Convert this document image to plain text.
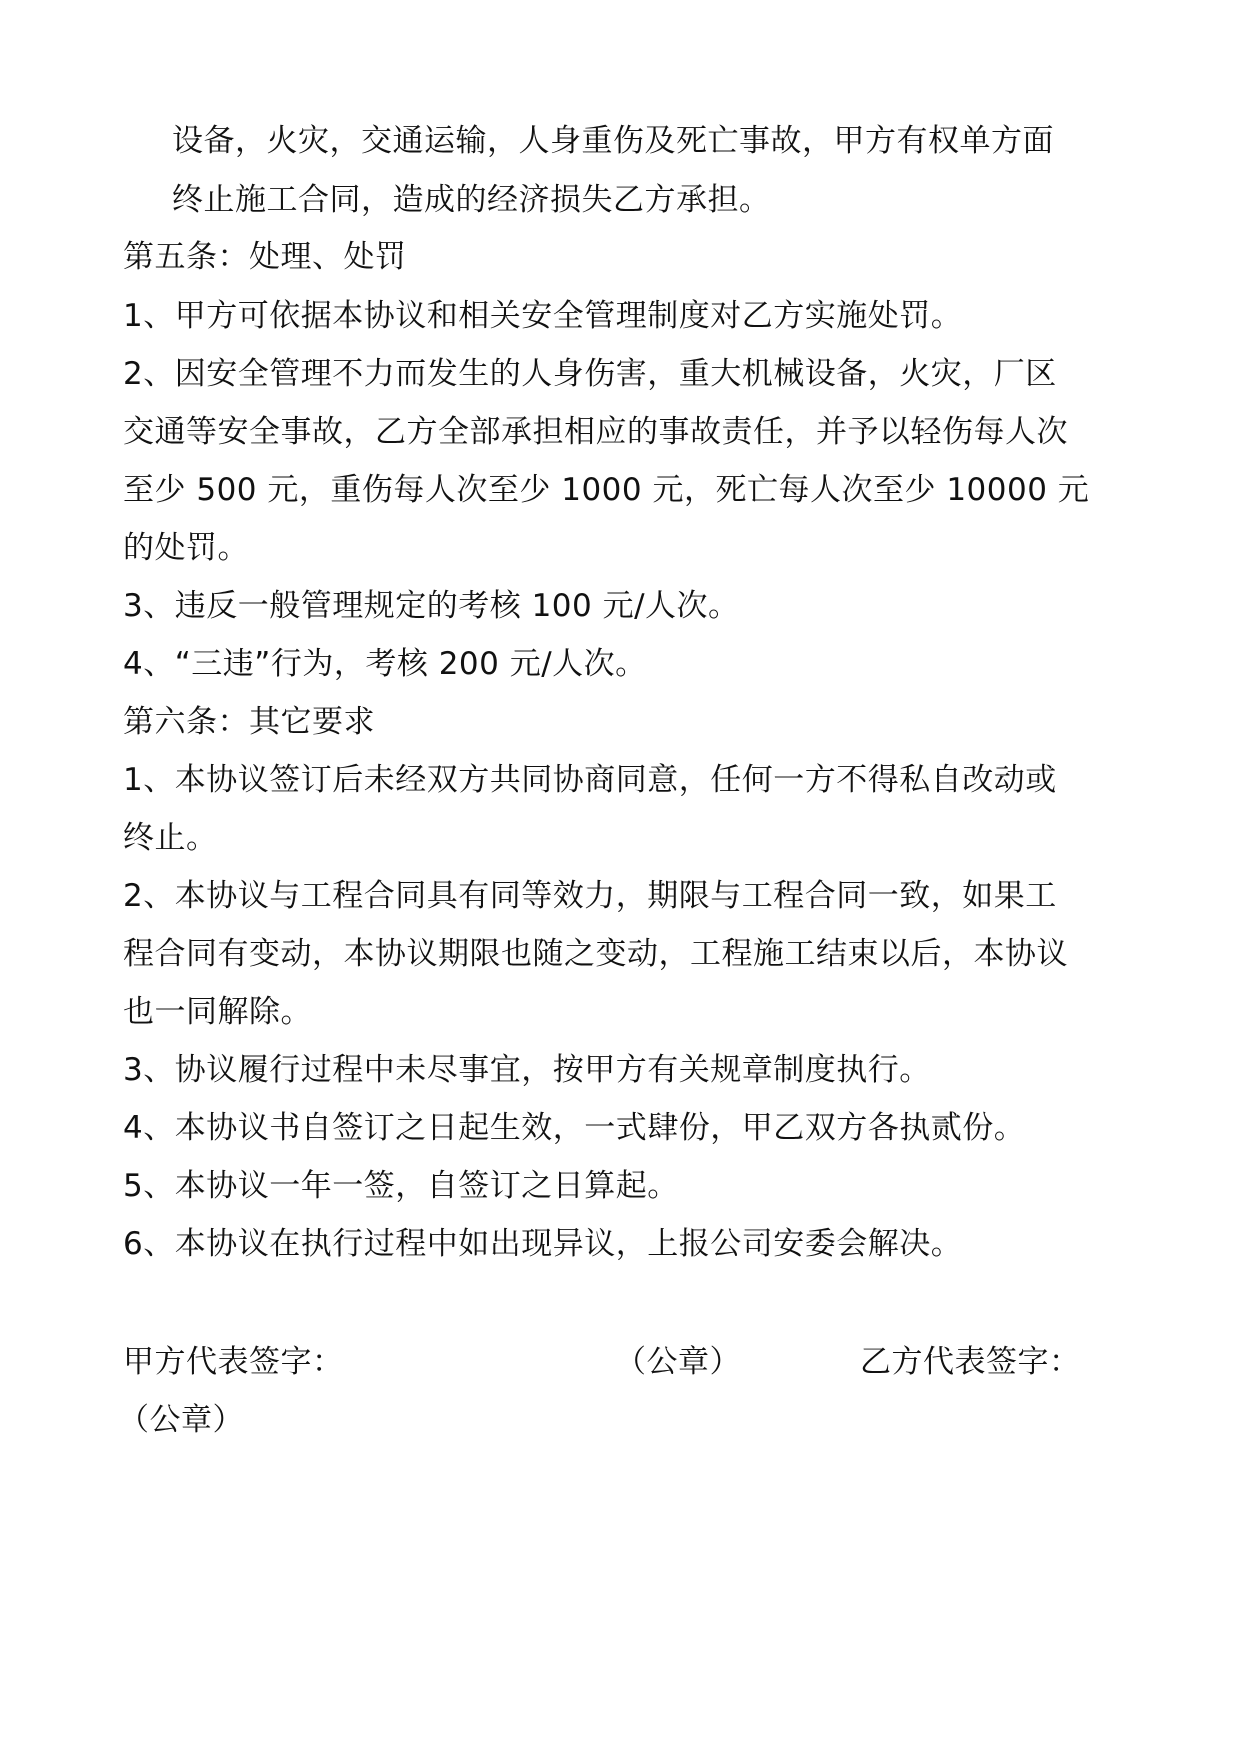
设备，火灾，交通运输，人身重伤及死亡事故，甲方有权单方面
终止施工合同，造成的经济损失乙方承担。
第五条：处理、处罚
1、甲方可依据本协议和相关安全管理制度对乙方实施处罚。
2、因安全管理不力而发生的人身伤害，重大机械设备，火灾，厂区
交通等安全事故，乙方全部承担相应的事故责任，并予以轻伤每人次
至少 500 元，重伤每人次至少 1000 元，死亡每人次至少 10000 元
的处罚。
3、违反一般管理规定的考核 100 元/人次。
4、“三违”行为，考核 200 元/人次。
第六条：其它要求
1、本协议签订后未经双方共同协商同意，任何一方不得私自改动或
终止。
2、本协议与工程合同具有同等效力，期限与工程合同一致，如果工
程合同有变动，本协议期限也随之变动，工程施工结束以后，本协议
也一同解除。
3、协议履行过程中未尽事宜，按甲方有关规章制度执行。
4、本协议书自签订之日起生效，一式肆份，甲乙双方各执贰份。
5、本协议一年一签，自签订之日算起。
6、本协议在执行过程中如出现异议，上报公司安委会解决。
甲方代表签字：	（公章）	乙方代表签字：
（公章）
